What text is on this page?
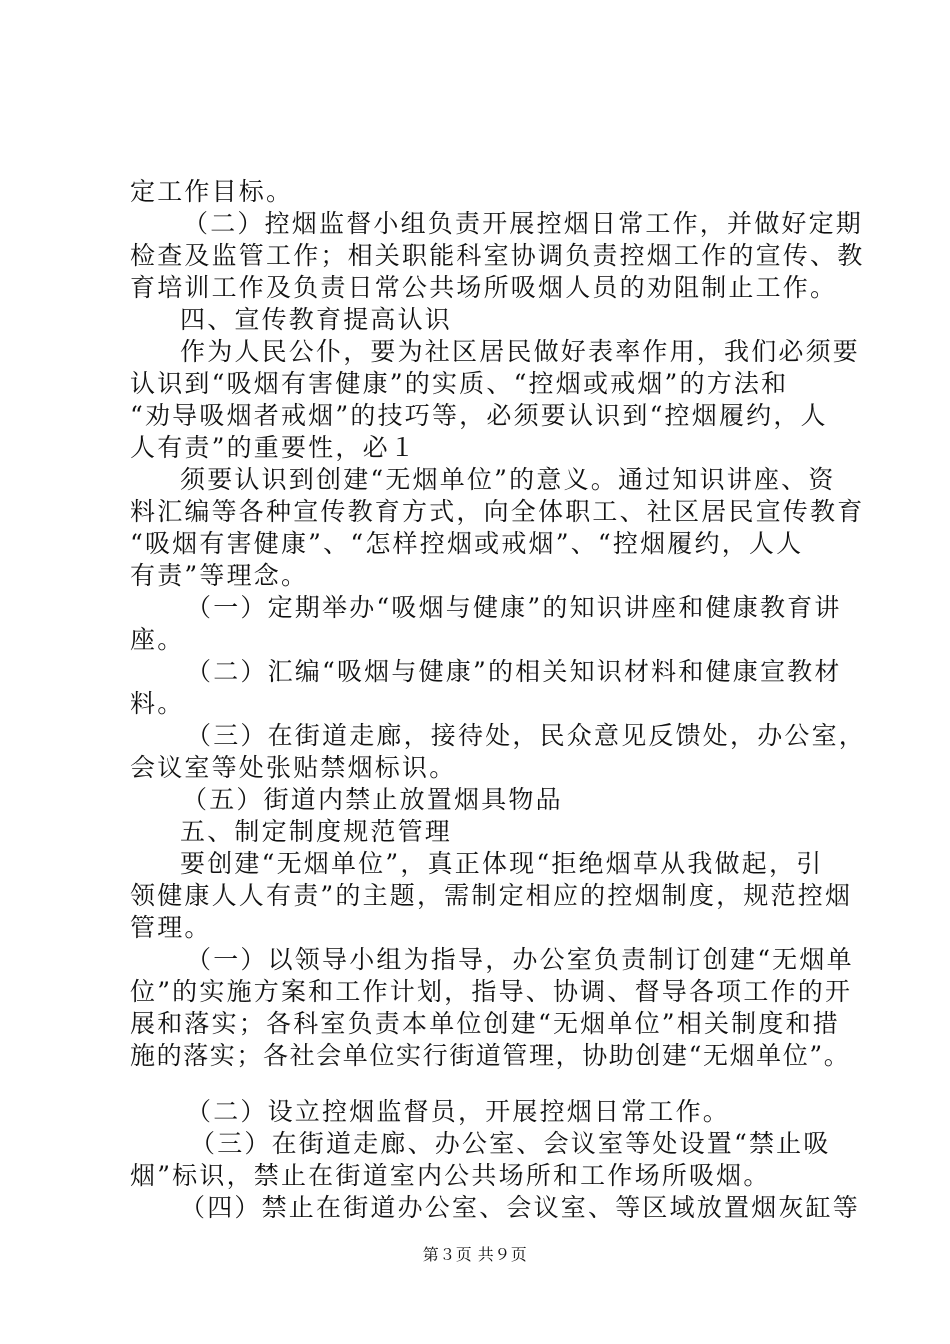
定工作目标。
（二）控烟监督小组负责开展控烟日常工作，并做好定期
检查及监管工作；相关职能科室协调负责控烟工作的宣传、教
育培训工作及负责日常公共场所吸烟人员的劝阻制止工作。
四、宣传教育提高认识
作为人民公仆，要为社区居民做好表率作用，我们必须要
认识到“吸烟有害健康”的实质、“控烟或戒烟”的方法和
“劝导吸烟者戒烟”的技巧等，必须要认识到“控烟履约，人
人有责”的重要性，必１
须要认识到创建“无烟单位”的意义。通过知识讲座、资
料汇编等各种宣传教育方式，向全体职工、社区居民宣传教育
“吸烟有害健康”、“怎样控烟或戒烟”、“控烟履约，人人
有责”等理念。
（一）定期举办“吸烟与健康”的知识讲座和健康教育讲
座。
（二）汇编“吸烟与健康”的相关知识材料和健康宣教材
料。
（三）在街道走廊，接待处，民众意见反馈处，办公室，
会议室等处张贴禁烟标识。
（五）街道内禁止放置烟具物品
五、制定制度规范管理
要创建“无烟单位”，真正体现“拒绝烟草从我做起，引
领健康人人有责”的主题，需制定相应的控烟制度，规范控烟
管理。
（一）以领导小组为指导，办公室负责制订创建“无烟单
位”的实施方案和工作计划，指导、协调、督导各项工作的开
展和落实；各科室负责本单位创建“无烟单位”相关制度和措
施的落实；各社会单位实行街道管理，协助创建“无烟单位”。
（二）设立控烟监督员，开展控烟日常工作。
（三）在街道走廊、办公室、会议室等处设置“禁止吸
烟”标识，禁止在街道室内公共场所和工作场所吸烟。
（四）禁止在街道办公室、会议室、等区域放置烟灰缸等
第３页 共９页
